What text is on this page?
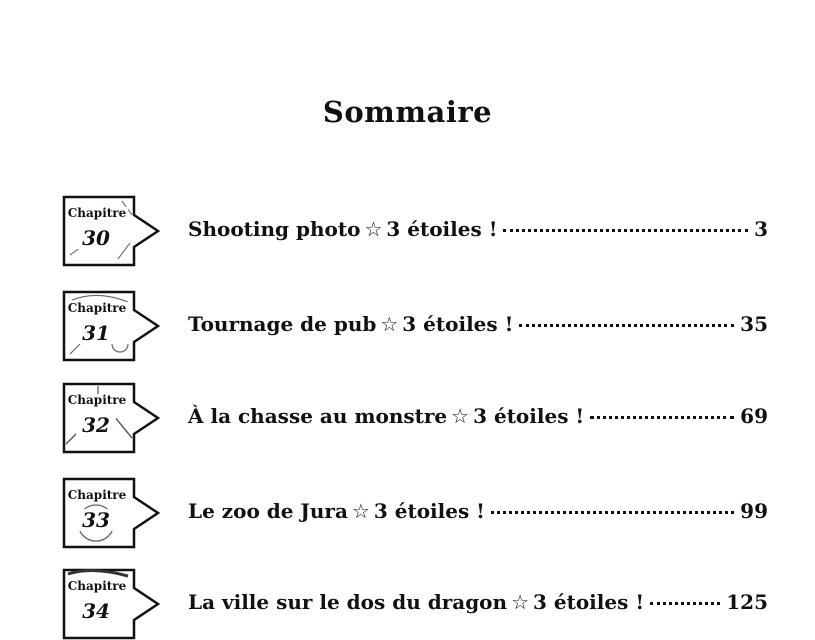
Sommaire
Chapitre
30	Shooting photo ☆ 3 étoiles !	3
Chapitre
31	Tournage de pub ☆ 3 étoiles !	35
Chapitre
32	À la chasse au monstre ☆ 3 étoiles !	69
Chapitre
33	Le zoo de Jura ☆ 3 étoiles !	99
Chapitre
34	La ville sur le dos du dragon ☆ 3 étoiles !	125
